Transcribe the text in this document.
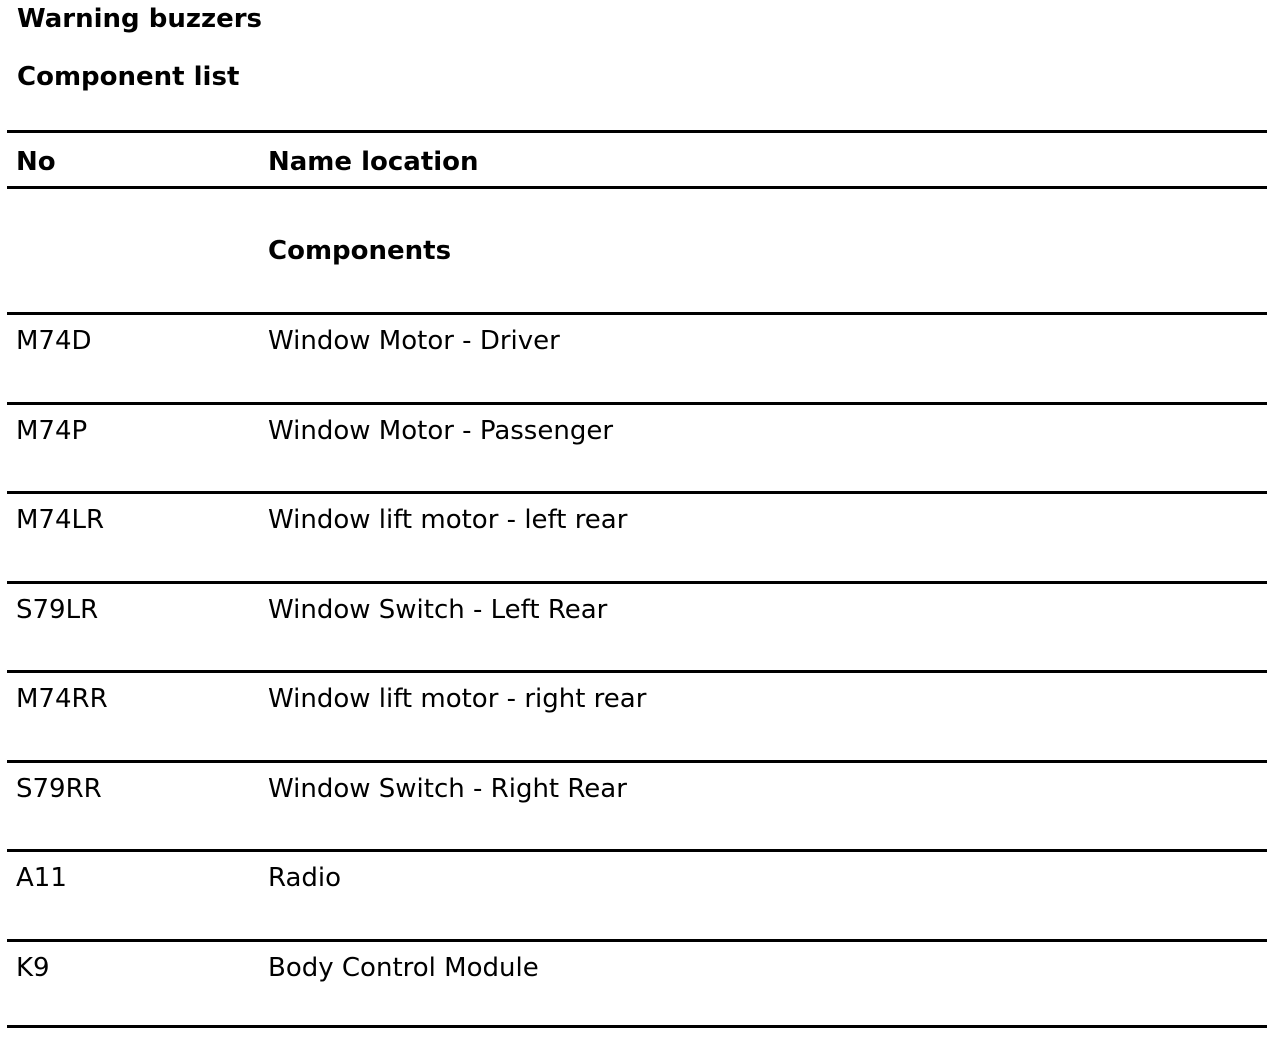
Warning buzzers
Component list
No	Name location
Components
M74D	Window Motor - Driver
M74P	Window Motor - Passenger
M74LR	Window lift motor - left rear
S79LR	Window Switch - Left Rear
M74RR	Window lift motor - right rear
S79RR	Window Switch - Right Rear
A11	Radio
K9	Body Control Module
